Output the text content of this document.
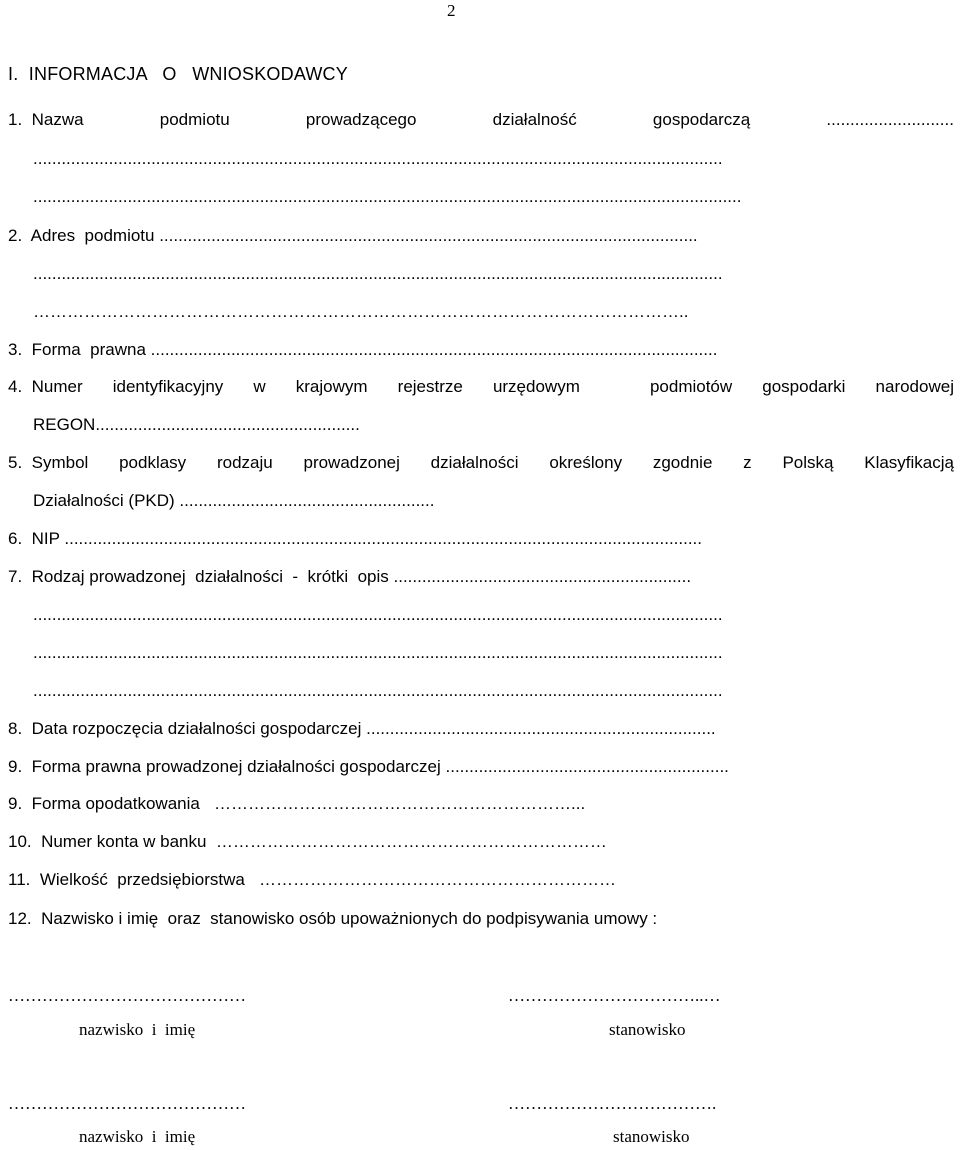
2
I.  INFORMACJA   O   WNIOSKODAWCY
1.  Nazwa	podmiotu	prowadzącego	działalność	gospodarczą	...........................
..................................................................................................................................................
......................................................................................................................................................
2.  Adres  podmiotu ..................................................................................................................
..................................................................................................................................................
……………………………………………………………………………………………………..
3.  Forma  prawna ........................................................................................................................
4.  Numer identyfikacyjny w krajowym rejestrze urzędowym	podmiotów gospodarki narodowej
REGON........................................................
5.  Symbol podklasy rodzaju prowadzonej działalności określony zgodnie z Polską Klasyfikacją
Działalności (PKD) ......................................................
6.  NIP .......................................................................................................................................
7.  Rodzaj prowadzonej  działalności  -  krótki  opis ...............................................................
..................................................................................................................................................
..................................................................................................................................................
..................................................................................................................................................
8.  Data rozpoczęcia działalności gospodarczej ..........................................................................
9.  Forma prawna prowadzonej działalności gospodarczej ............................................................
9.  Forma opodatkowania   ………………………………………………………...
10.  Numer konta w banku  ……………………………………………………………
11.  Wielkość  przedsiębiorstwa   ………………………………………………………
12.  Nazwisko i imię  oraz  stanowisko osób upoważnionych do podpisywania umowy :
……………………………………	……………………………..…
nazwisko  i  imię	stanowisko
……………………………………	……………………………….
nazwisko  i  imię	stanowisko
